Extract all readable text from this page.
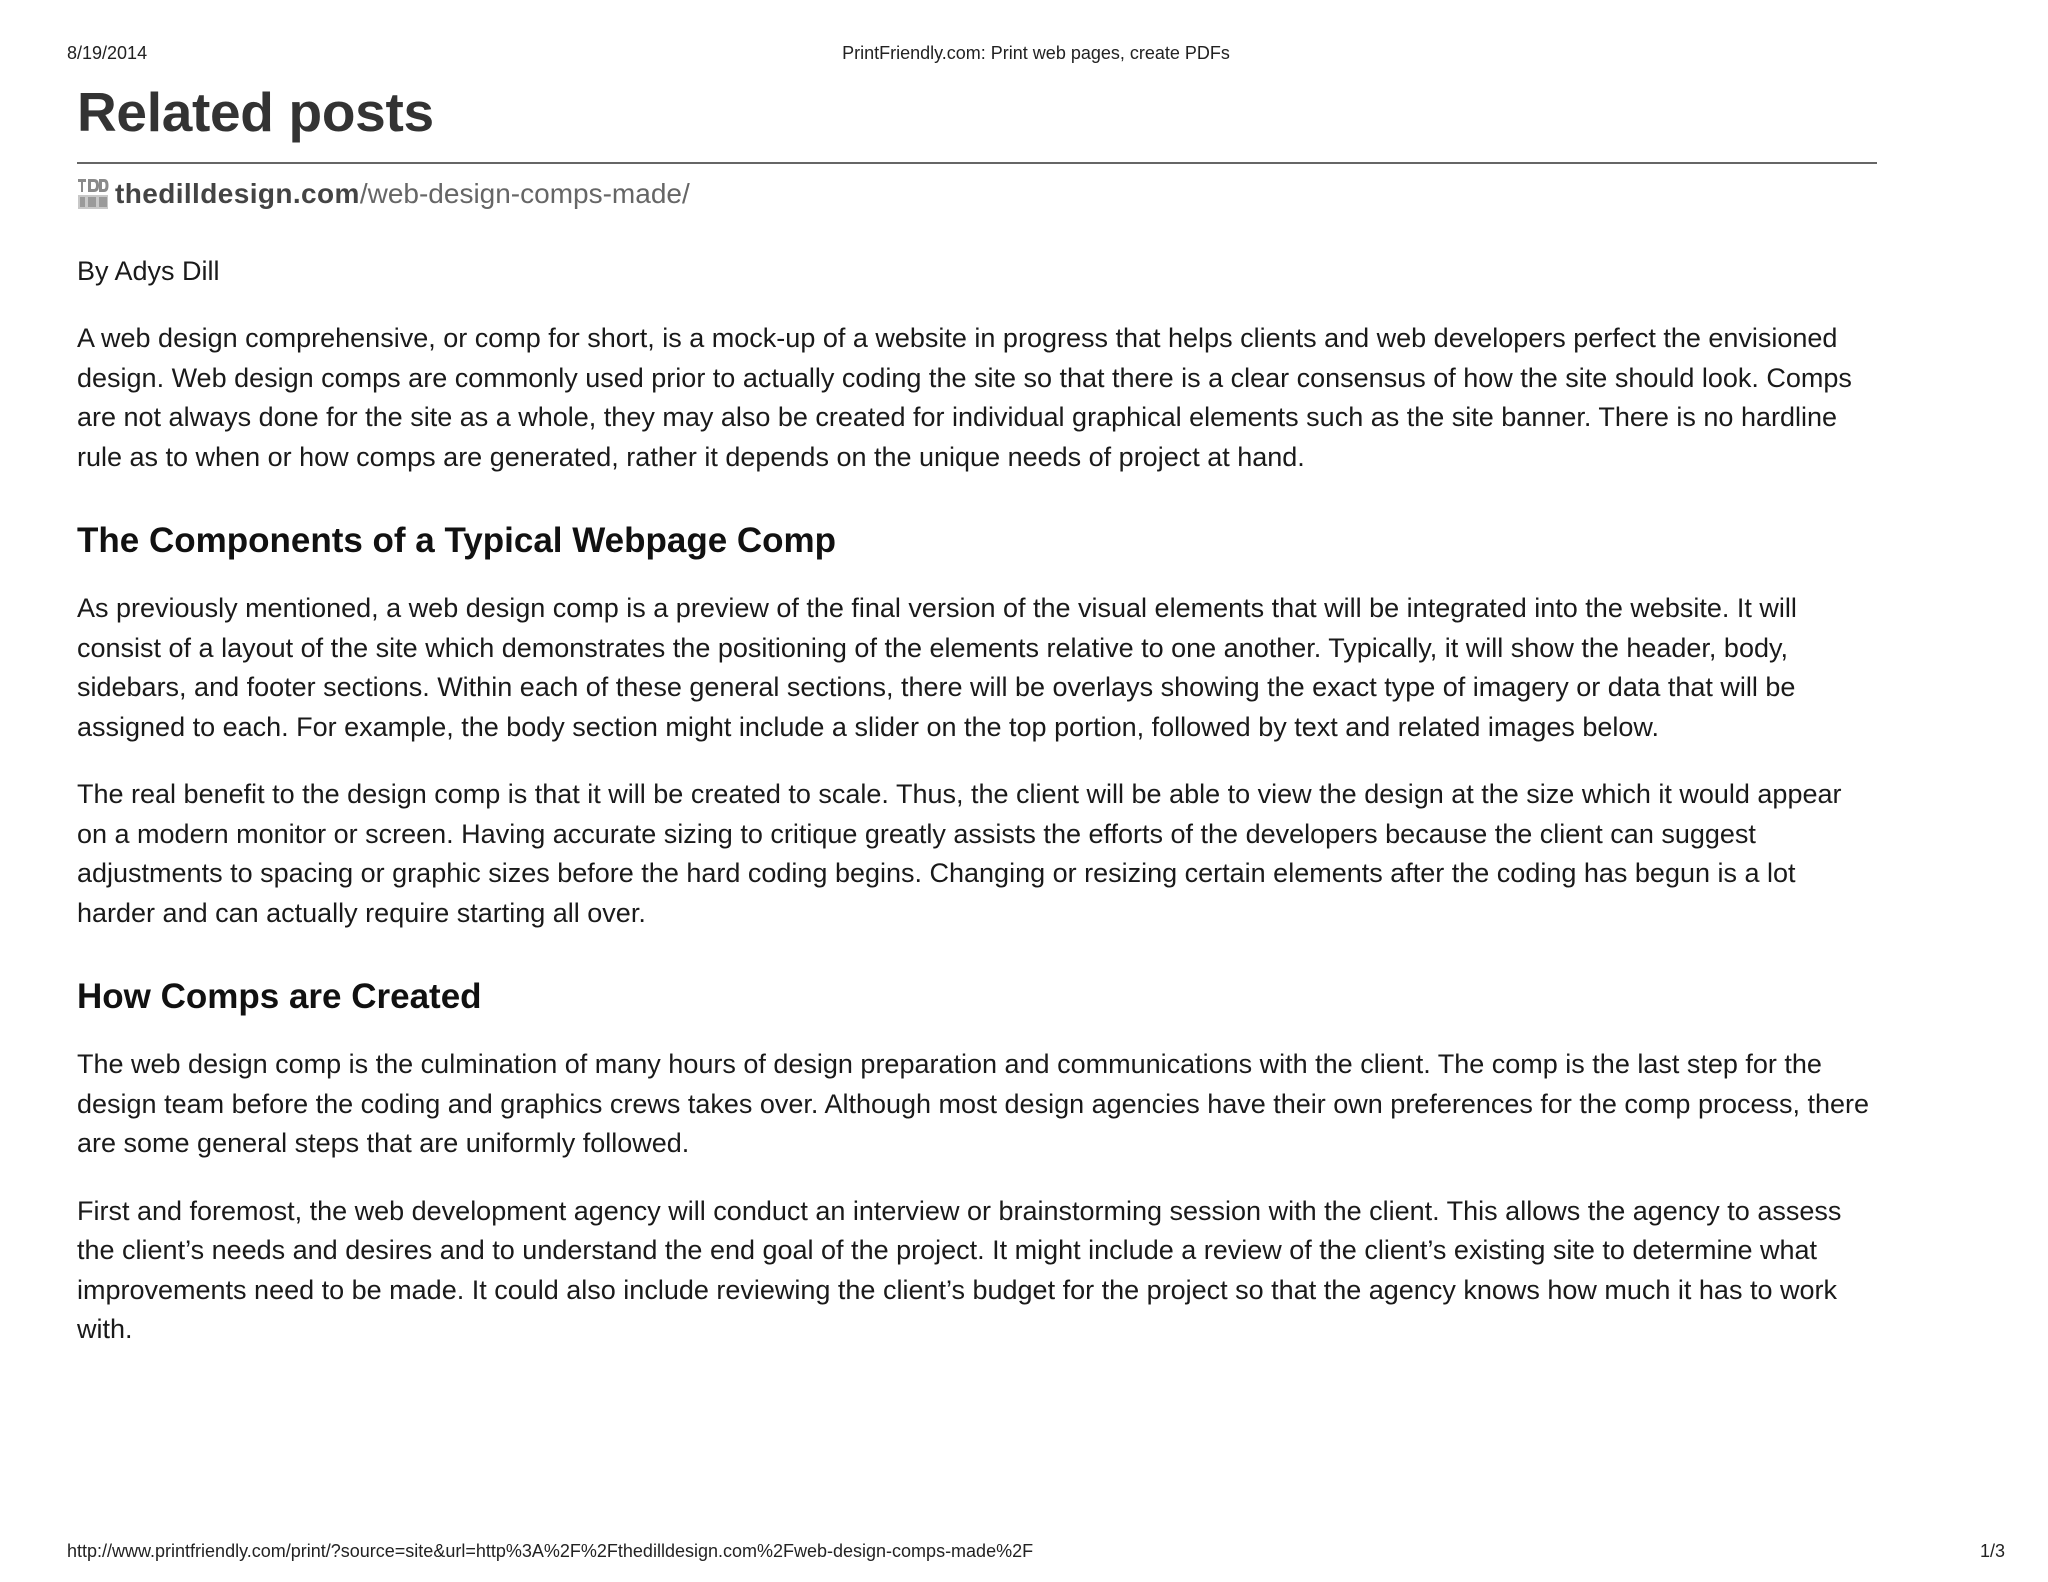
8/19/2014	PrintFriendly.com: Print web pages, create PDFs
Related posts
thedilldesign.com /web-design-comps-made/

By Adys Dill

A web design comprehensive, or comp for short, is a mock-up of a website in progress that helps clients and web developers perfect the envisioned design. Web design comps are commonly used prior to actually coding the site so that there is a clear consensus of how the site should look. Comps are not always done for the site as a whole, they may also be created for individual graphical elements such as the site banner. There is no hardline rule as to when or how comps are generated, rather it depends on the unique needs of project at hand.

The Components of a Typical Webpage Comp

As previously mentioned, a web design comp is a preview of the final version of the visual elements that will be integrated into the website. It will consist of a layout of the site which demonstrates the positioning of the elements relative to one another. Typically, it will show the header, body, sidebars, and footer sections. Within each of these general sections, there will be overlays showing the exact type of imagery or data that will be assigned to each. For example, the body section might include a slider on the top portion, followed by text and related images below.

The real benefit to the design comp is that it will be created to scale. Thus, the client will be able to view the design at the size which it would appear on a modern monitor or screen. Having accurate sizing to critique greatly assists the efforts of the developers because the client can suggest adjustments to spacing or graphic sizes before the hard coding begins. Changing or resizing certain elements after the coding has begun is a lot harder and can actually require starting all over.

How Comps are Created

The web design comp is the culmination of many hours of design preparation and communications with the client. The comp is the last step for the design team before the coding and graphics crews takes over. Although most design agencies have their own preferences for the comp process, there are some general steps that are uniformly followed.

First and foremost, the web development agency will conduct an interview or brainstorming session with the client. This allows the agency to assess the client’s needs and desires and to understand the end goal of the project. It might include a review of the client’s existing site to determine what improvements need to be made. It could also include reviewing the client’s budget for the project so that the agency knows how much it has to work with.

http://www.printfriendly.com/print/?source=site&url=http%3A%2F%2Fthedilldesign.com%2Fweb-design-comps-made%2F	1/3
